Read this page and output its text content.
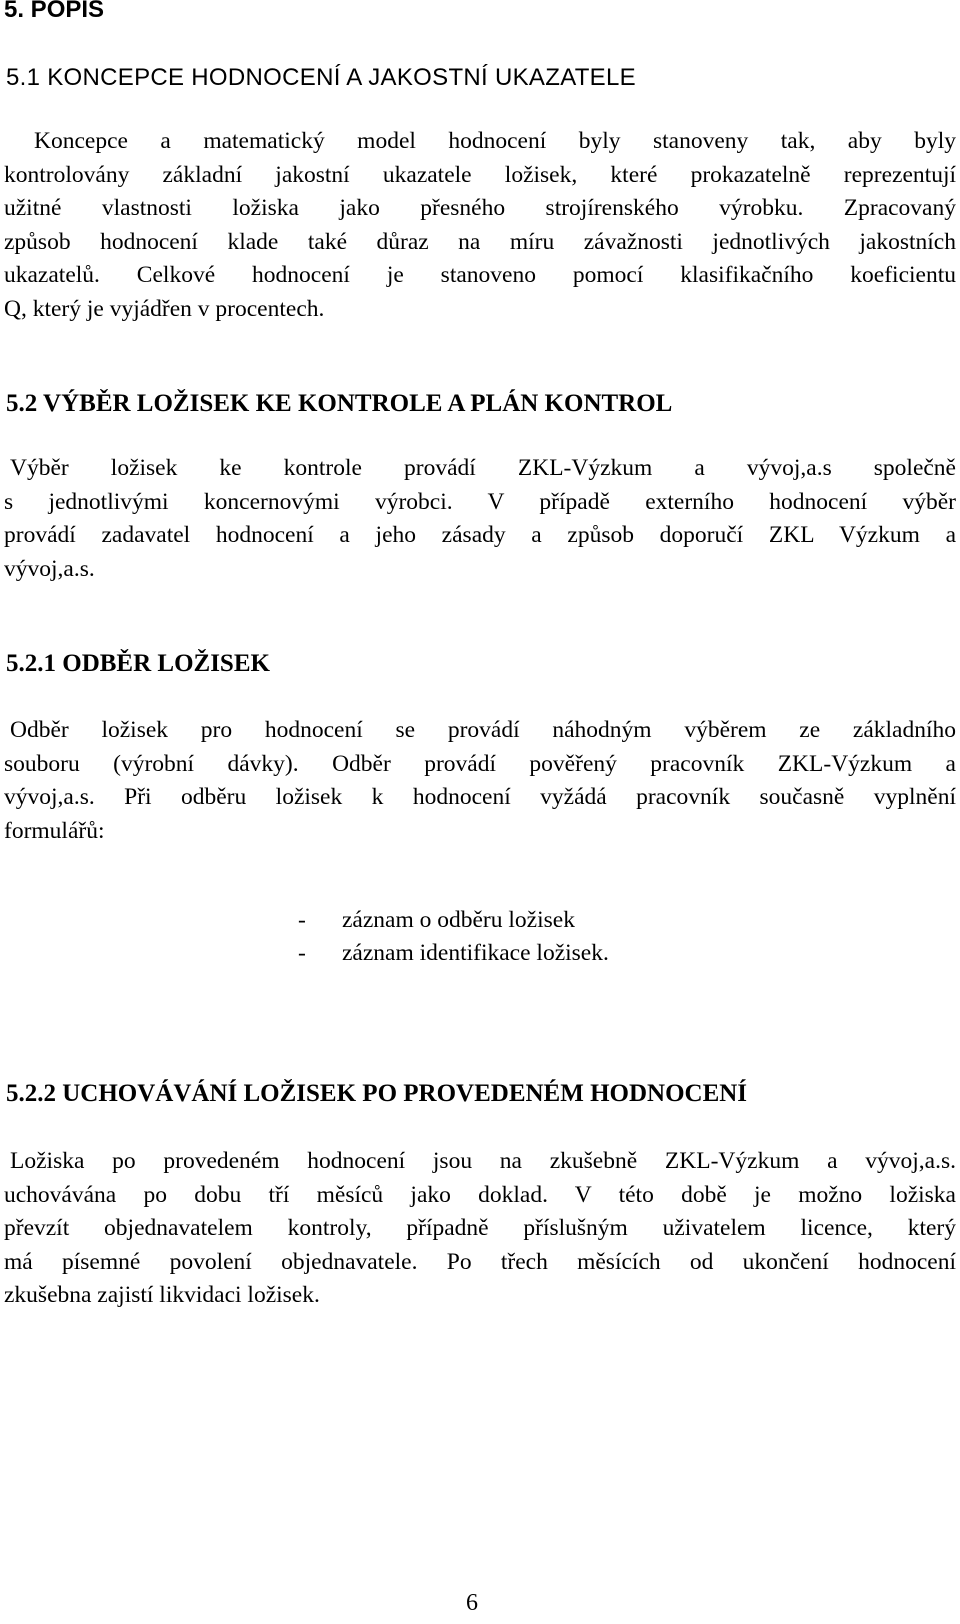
5. POPIS
5.1 KONCEPCE HODNOCENÍ A JAKOSTNÍ UKAZATELE
Koncepce a matematický model hodnocení byly stanoveny tak, aby byly
kontrolovány základní jakostní ukazatele ložisek, které prokazatelně reprezentují
užitné vlastnosti ložiska jako přesného strojírenského výrobku. Zpracovaný
způsob hodnocení klade také důraz na míru závažnosti jednotlivých jakostních
ukazatelů. Celkové hodnocení je stanoveno pomocí klasifikačního koeficientu
Q, který je vyjádřen v procentech.
5.2 VÝBĚR LOŽISEK KE KONTROLE A PLÁN KONTROL
Výběr ložisek ke kontrole provádí ZKL-Výzkum a vývoj,a.s společně
s jednotlivými koncernovými výrobci. V případě externího hodnocení výběr
provádí zadavatel hodnocení a jeho zásady a způsob doporučí ZKL Výzkum a
vývoj,a.s.
5.2.1 ODBĚR LOŽISEK
Odběr ložisek pro hodnocení se provádí náhodným výběrem ze základního
souboru (výrobní dávky). Odběr provádí pověřený pracovník ZKL-Výzkum a
vývoj,a.s. Při odběru ložisek k hodnocení vyžádá pracovník současně vyplnění
formulářů:
- záznam o odběru ložisek
- záznam identifikace ložisek.
5.2.2 UCHOVÁVÁNÍ LOŽISEK PO PROVEDENÉM HODNOCENÍ
Ložiska po provedeném hodnocení jsou na zkušebně ZKL-Výzkum a vývoj,a.s.
uchovávána po dobu tří měsíců jako doklad. V této době je možno ložiska
převzít objednavatelem kontroly, případně příslušným uživatelem licence, který
má písemné povolení objednavatele. Po třech měsících od ukončení hodnocení
zkušebna zajistí likvidaci ložisek.

6
